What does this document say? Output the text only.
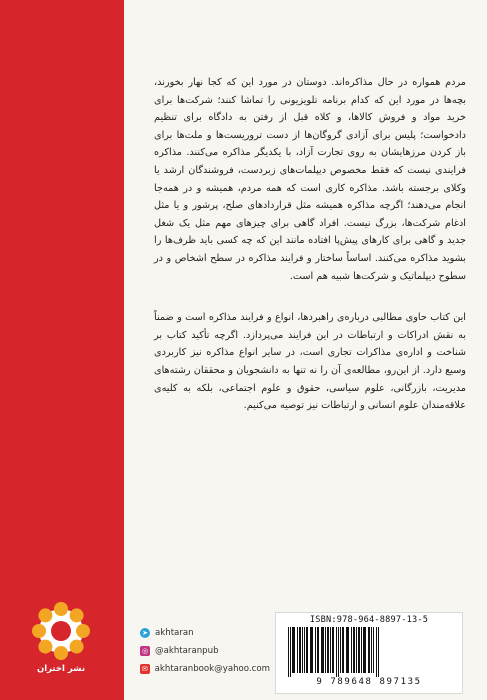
مردم همواره در حال مذاکره‌اند. دوستان در مورد این که کجا نهار بخورند، بچه‌ها در مورد این که کدام برنامه تلویزیونی را تماشا کنند؛ شرکت‌ها برای خرید مواد و فروش کالاها، و کلاه قبل از رفتن به دادگاه برای تنظیم دادخواست؛ پلیس برای آزادی گروگان‌ها از دست تروریست‌ها و ملت‌ها برای باز کردن مرزهایشان به روی تجارت آزاد، با یکدیگر مذاکره می‌کنند. مذاکره فرایندی نیست که فقط مخصوص دیپلمات‌های زبردست، فروشندگان ارشد یا وکلای برجسته باشد. مذاکره کاری است که همه مردم، همیشه و در همه‌جا انجام می‌دهند؛ اگرچه مذاکره همیشه مثل قراردادهای صلح، پرشور و یا مثل ادغام شرکت‌ها، بزرگ نیست. افراد گاهی برای چیزهای مهم مثل یک شغل جدید و گاهی برای کارهای پیش‌پا افتاده مانند این که چه کسی باید ظرف‌ها را بشوید مذاکره می‌کنند. اساساً ساختار و فرایند مذاکره در سطح اشخاص و در سطوح دیپلماتیک و شرکت‌ها شبیه هم است.

این کتاب حاوی مطالبی درباره‌ی راهبردها، انواع و فرایند مذاکره است و ضمناً به نقش ادراکات و ارتباطات در این فرایند می‌پردازد. اگرچه تأکید کتاب بر شناخت و اداره‌ی مذاکرات تجاری است، در سایر انواع مذاکره نیز کاربردی وسیع دارد. از این‌رو، مطالعه‌ی آن را نه تنها به دانشجویان و محققان رشته‌های مدیریت، بازرگانی، علوم سیاسی، حقوق و علوم اجتماعی، بلکه به کلیه‌ی علاقه‌مندان علوم انسانی و ارتباطات نیز توصیه می‌کنیم.

نشر اختران
➤ akhtaran
◎ @akhtaranpub
✉ akhtaranbook@yahoo.com
ISBN:978-964-8897-13-5
9 789648 897135
